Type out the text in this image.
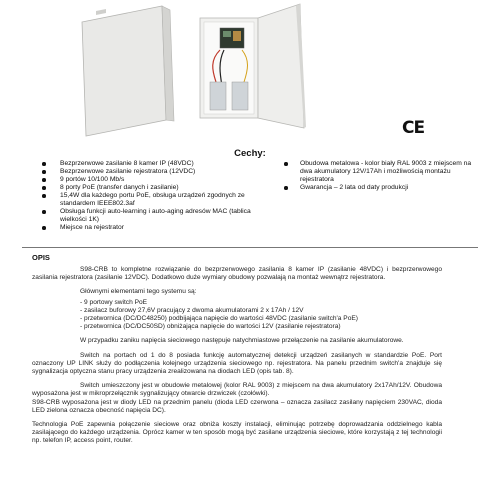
CE
Cechy:
Bezprzerwowe zasilanie 8 kamer IP (48VDC)
Bezprzerwowe zasilanie rejestratora (12VDC)
9 portów 10/100 Mb/s
8 porty PoE (transfer danych i zasilanie)
15,4W dla każdego portu PoE, obsługa urządzeń zgodnych ze standardem IEEE802.3af
Obsługa funkcji auto-learning i auto-aging adresów MAC (tablica wielkości 1K)
Miejsce na rejestrator
Obudowa metalowa - kolor biały RAL 9003 z miejscem na dwa akumulatory 12V/17Ah i możliwością montażu rejestratora
Gwarancja – 2 lata od daty produkcji
OPIS

S98-CRB to kompletne rozwiązanie do bezprzerwowego zasilania 8 kamer IP (zasilanie 48VDC) i bezprzerwowego zasilania rejestratora (zasilanie 12VDC). Dodatkowo duże wymiary obudowy pozwalają na montaż wewnątrz rejestratora.

Głównymi elementami tego systemu są:
- 9 portowy switch PoE
- zasilacz buforowy 27,6V pracujący z dwoma akumulatorami 2 x 17Ah / 12V
- przetwornica (DC/DC48250) podbijająca napięcie do wartości 48VDC (zasilanie switch'a PoE)
- przetwornica (DC/DC50SD) obniżająca napięcie do wartości 12V (zasilanie rejestratora)

W przypadku zaniku napięcia sieciowego następuje natychmiastowe przełączenie na zasilanie akumulatorowe.

Switch na portach od 1 do 8 posiada funkcję automatycznej detekcji urządzeń zasilanych w standardzie PoE. Port oznaczony UP LINK służy do podłączenia kolejnego urządzenia sieciowego np. rejestratora. Na panelu przednim switch'a znajduje się sygnalizacja optyczna stanu pracy urządzenia zrealizowana na diodach LED (opis tab. 8).

Switch umieszczony jest w obudowie metalowej (kolor RAL 9003) z miejscem na dwa akumulatory 2x17Ah/12V. Obudowa wyposażona jest w mikroprzełącznik sygnalizujący otwarcie drzwiczek (czołówki).

S98-CRB wyposażona jest w diody LED na przednim panelu (dioda LED czerwona – oznacza zasilacz zasilany napięciem 230VAC, dioda LED zielona oznacza obecność napięcia DC).

Technologia PoE zapewnia połączenie sieciowe oraz obniża koszty instalacji, eliminując potrzebę doprowadzania oddzielnego kabla zasilającego do każdego urządzenia. Oprócz kamer w ten sposób mogą być zasilane urządzenia sieciowe, które korzystają z tej technologii np. telefon IP, access point, router.
